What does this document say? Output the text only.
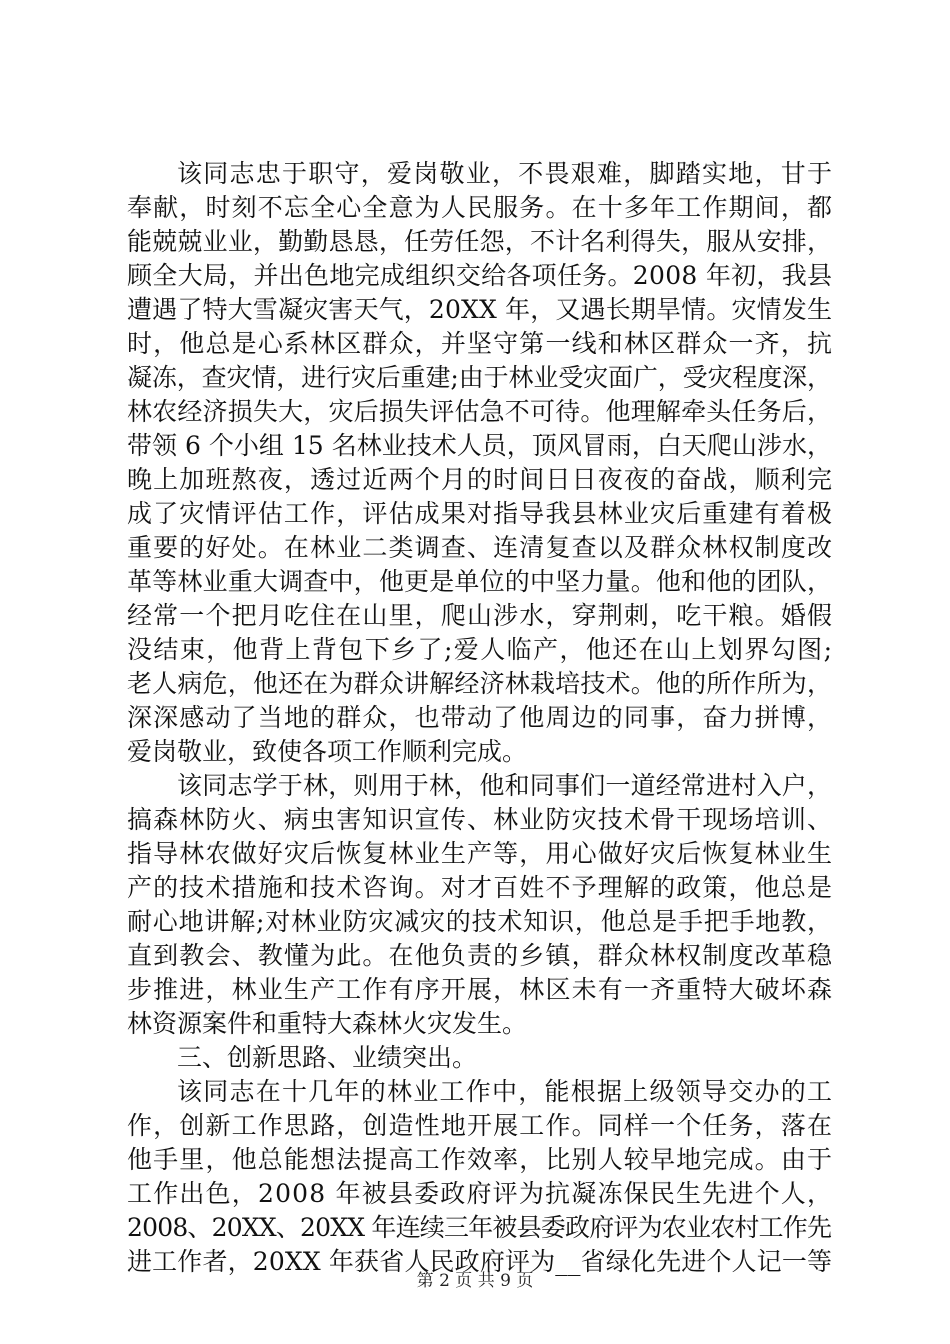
该同志忠于职守，爱岗敬业，不畏艰难，脚踏实地，甘于
奉献，时刻不忘全心全意为人民服务。在十多年工作期间，都
能兢兢业业，勤勤恳恳，任劳任怨，不计名利得失，服从安排，
顾全大局，并出色地完成组织交给各项任务。2008 年初，我县
遭遇了特大雪凝灾害天气，20XX 年，又遇长期旱情。灾情发生
时，他总是心系林区群众，并坚守第一线和林区群众一齐，抗
凝冻，查灾情，进行灾后重建;由于林业受灾面广，受灾程度深，
林农经济损失大，灾后损失评估急不可待。他理解牵头任务后，
带领 6 个小组 15 名林业技术人员，顶风冒雨，白天爬山涉水，
晚上加班熬夜，透过近两个月的时间日日夜夜的奋战，顺利完
成了灾情评估工作，评估成果对指导我县林业灾后重建有着极
重要的好处。在林业二类调查、连清复查以及群众林权制度改
革等林业重大调查中，他更是单位的中坚力量。他和他的团队，
经常一个把月吃住在山里，爬山涉水，穿荆刺，吃干粮。婚假
没结束，他背上背包下乡了;爱人临产，他还在山上划界勾图;
老人病危，他还在为群众讲解经济林栽培技术。他的所作所为，
深深感动了当地的群众，也带动了他周边的同事，奋力拼博，
爱岗敬业，致使各项工作顺利完成。
该同志学于林，则用于林，他和同事们一道经常进村入户，
搞森林防火、病虫害知识宣传、林业防灾技术骨干现场培训、
指导林农做好灾后恢复林业生产等，用心做好灾后恢复林业生
产的技术措施和技术咨询。对才百姓不予理解的政策，他总是
耐心地讲解;对林业防灾减灾的技术知识，他总是手把手地教，
直到教会、教懂为此。在他负责的乡镇，群众林权制度改革稳
步推进，林业生产工作有序开展，林区未有一齐重特大破坏森
林资源案件和重特大森林火灾发生。
三、创新思路、业绩突出。
该同志在十几年的林业工作中，能根据上级领导交办的工
作，创新工作思路，创造性地开展工作。同样一个任务，落在
他手里，他总能想法提高工作效率，比别人较早地完成。由于
工作出色，2008 年被县委政府评为抗凝冻保民生先进个人，
2008、20XX、20XX 年连续三年被县委政府评为农业农村工作先
进工作者，20XX 年获省人民政府评为__省绿化先进个人记一等
第 2 页 共 9 页
